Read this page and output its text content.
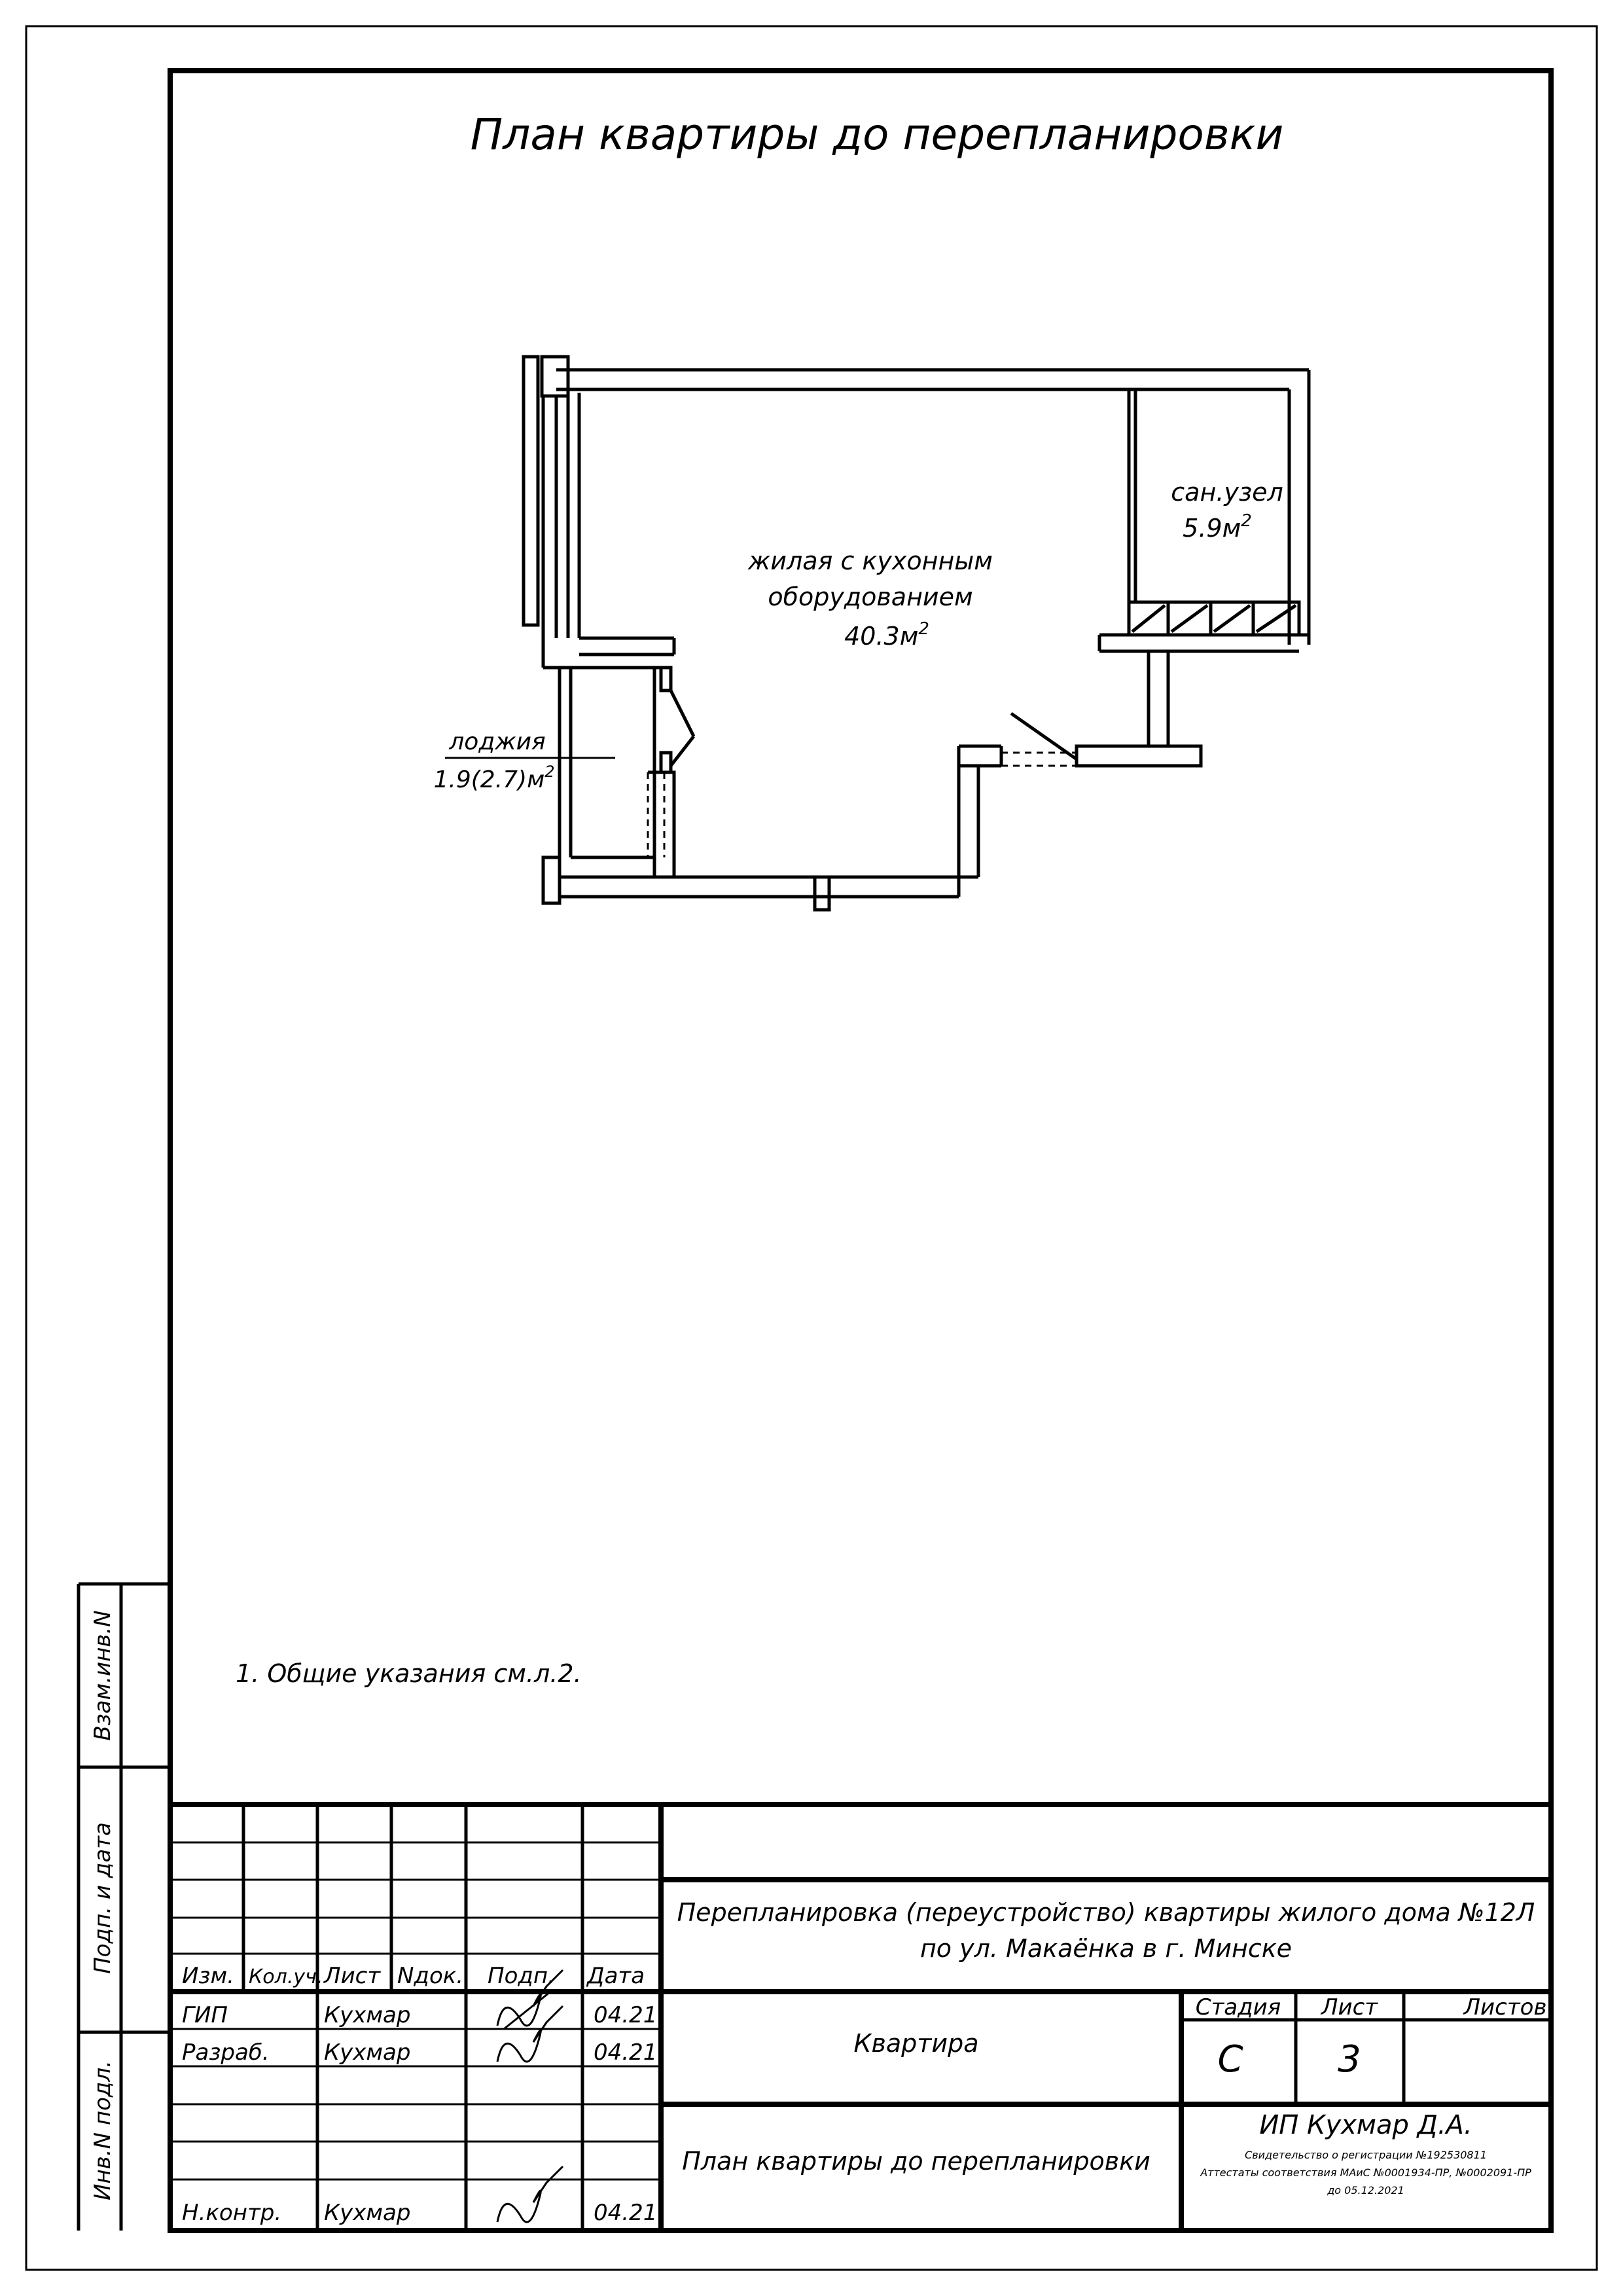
План квартиры до перепланировки
жилая с кухонным
оборудованием
$40.3м^2$
сан.узел
$5.9м^2$
лоджия
$1.9(2.7)м^2$
1. Общие указания см.л.2.
Взам.инв.N
Подп. и дата
Инв.N подл.
Изм. Кол.уч. Лист Nдок. Подп. Дата
ГИП	Кухмар	04.21
Разраб. Кухмар	04.21
Н.контр. Кухмар	04.21
Перепланировка (переустройство) квартиры жилого дома №12Л
по ул. Макаёнка в г. Минске
Квартира
План квартиры до перепланировки
Стадия Лист	Листов
С	3
ИП Кухмар Д.А.
Свидетельство о регистрации №192530811
Аттестаты соответствия МАиС №0001934-ПР, №0002091-ПР
до 05.12.2021
